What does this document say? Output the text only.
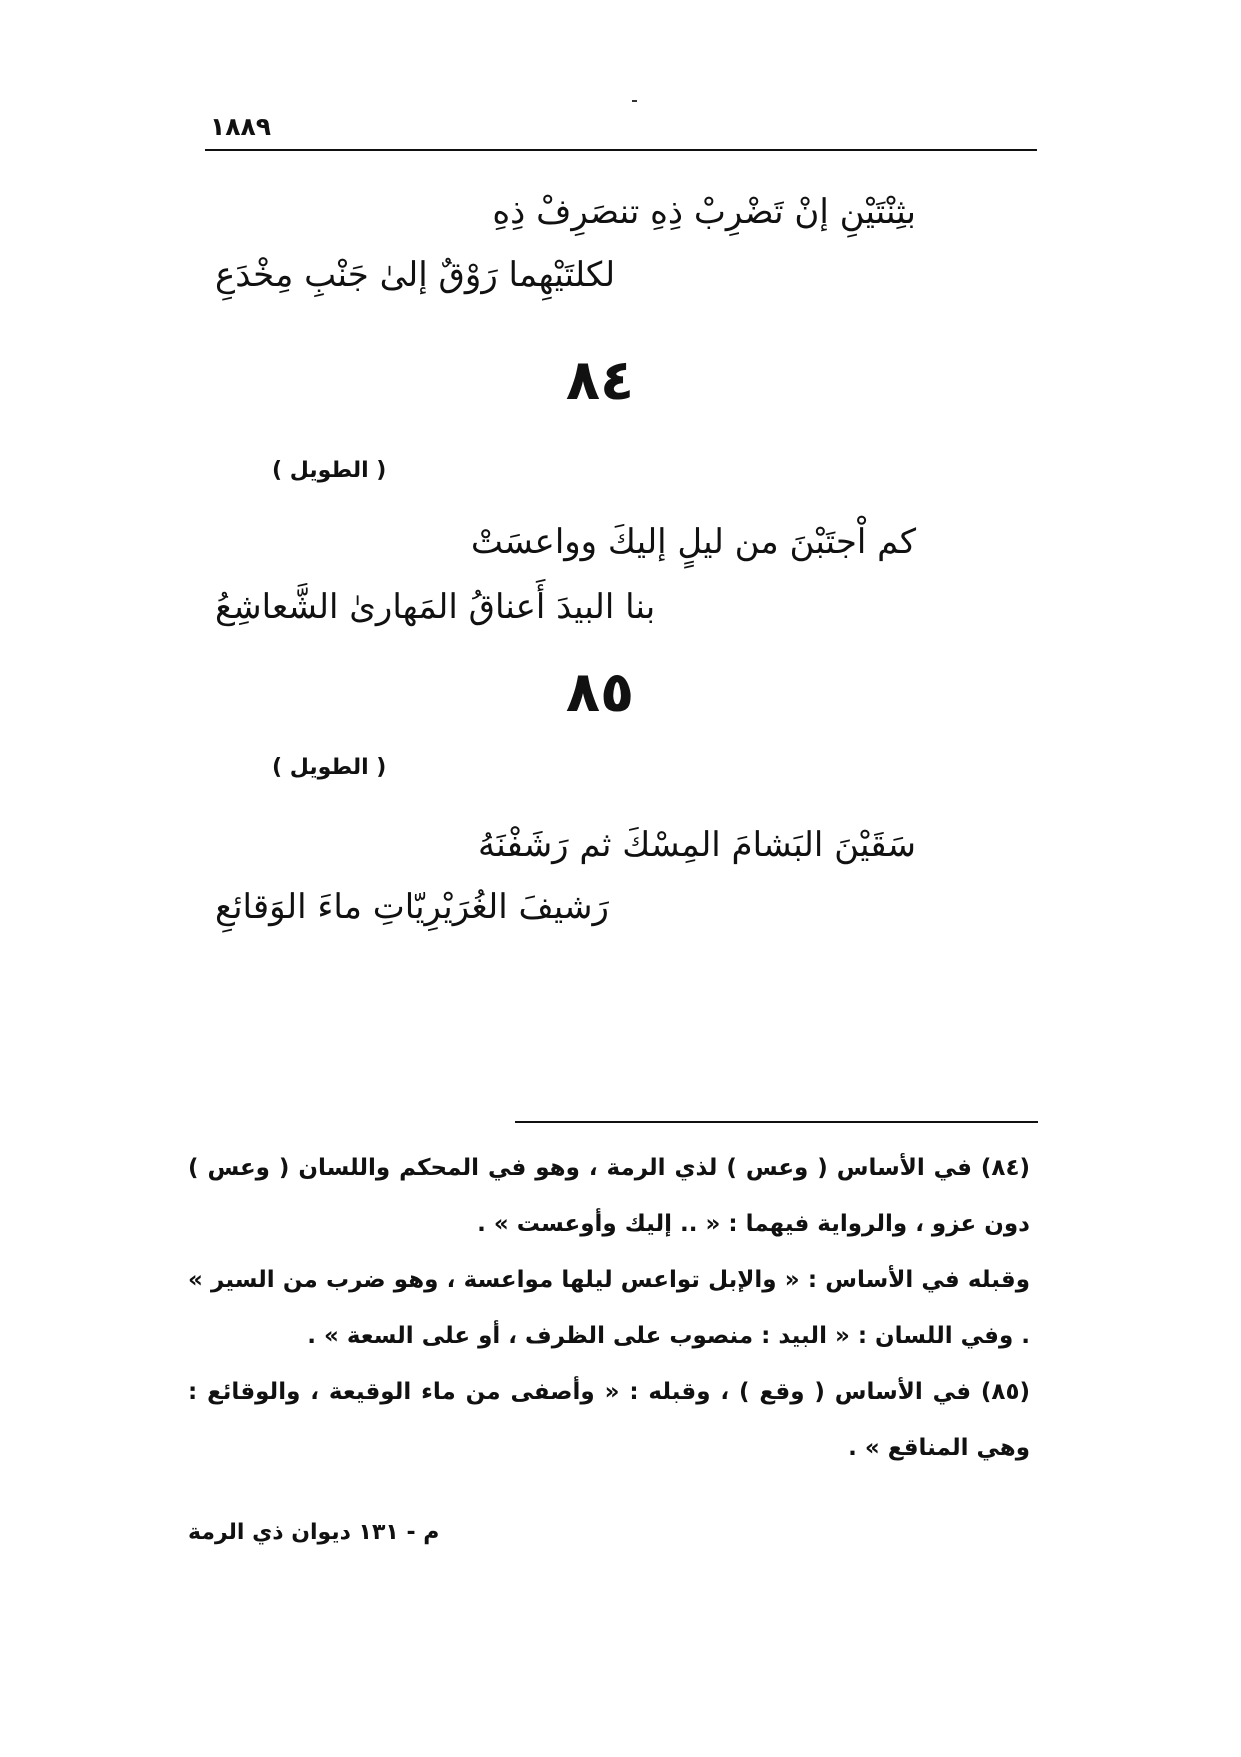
١٨٨٩
بثِنْتَيْنِ إنْ تَضْرِبْ ذِهِ تنصَرِفْ ذِهِ
لكلتَيْهِما رَوْقٌ إلىٰ جَنْبِ مِخْدَعِ
٨٤
( الطويل )
كم اْجتَبْنَ من ليلٍ إليكَ وواعسَتْ
بنا البيدَ أَعناقُ المَهارىٰ الشَّعاشِعُ
٨٥
( الطويل )
سَقَيْنَ البَشامَ المِسْكَ ثم رَشَفْنَهُ
رَشيفَ الغُرَيْرِيّاتِ ماءَ الوَقائعِ

(٨٤) في الأساس ( وعس ) لذي الرمة ، وهو في المحكم واللسان ( وعس ) دون عزو ، والرواية فيهما : « .. إليك وأوعست » .

وقبله في الأساس : « والإبل تواعس ليلها مواعسة ، وهو ضرب من السير » . وفي اللسان : « البيد : منصوب على الظرف ، أو على السعة » .

(٨٥) في الأساس ( وقع ) ، وقبله : « وأصفى من ماء الوقيعة ، والوقائع : وهي المناقع » .

م - ١٣١ ديوان ذي الرمة
